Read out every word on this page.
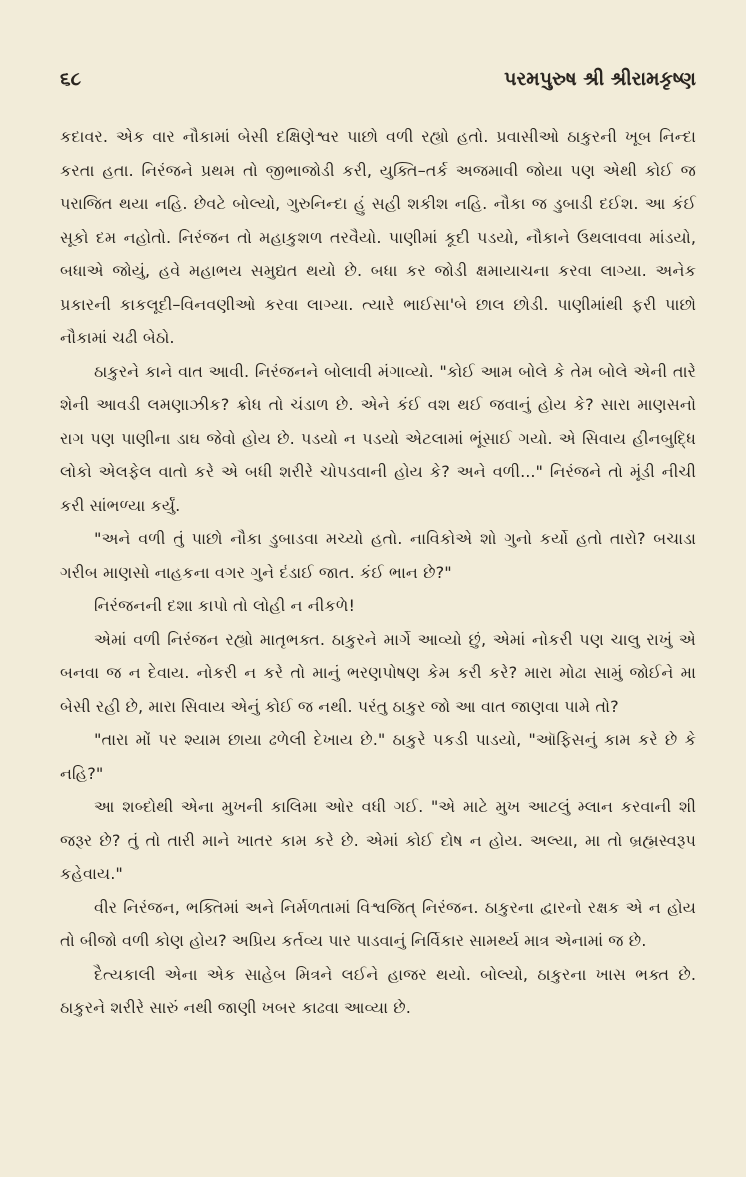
૬૮	પરમપુરુષ શ્રી શ્રીરામકૃષ્ણ

કદાવર. એક વાર નૌકામાં બેસી દક્ષિણેશ્વર પાછો વળી રહ્યો હતો. પ્રવાસીઓ ઠાકુરની ખૂબ નિન્દા કરતા હતા. નિરંજને પ્રથમ તો જીભાજોડી કરી, યુક્તિ–તર્ક અજમાવી જોયા પણ એથી કોઈ જ પરાજિત થયા નહિ. છેવટે બોલ્યો, ગુરુનિન્દા હું સહી શકીશ નહિ. નૌકા જ ડુબાડી દઈશ. આ કંઈ સૂકો દમ નહોતો. નિરંજન તો મહાકુશળ તરવૈયો. પાણીમાં કૂદી પડયો, નૌકાને ઉથલાવવા માંડયો, બધાએ જોયું, હવે મહાભય સમુદ્યત થયો છે. બધા કર જોડી ક્ષમાયાચના કરવા લાગ્યા. અનેક પ્રકારની કાકલૂદી–વિનવણીઓ કરવા લાગ્યા. ત્યારે ભાઈસા'બે છાલ છોડી. પાણીમાંથી ફરી પાછો નૌકામાં ચઢી બેઠો.

ઠાકુરને કાને વાત આવી. નિરંજનને બોલાવી મંગાવ્યો. "કોઈ આમ બોલે કે તેમ બોલે એની તારે શેની આવડી લમણાઝીક? ક્રોધ તો ચંડાળ છે. એને કંઈ વશ થઈ જવાનું હોય કે? સારા માણસનો રાગ પણ પાણીના ડાઘ જેવો હોય છે. પડયો ન પડયો એટલામાં ભૂંસાઈ ગયો. એ સિવાય હીનબુદ્ધિ લોકો એલફેલ વાતો કરે એ બધી શરીરે ચોપડવાની હોય કે? અને વળી..." નિરંજને તો મૂંડી નીચી કરી સાંભળ્યા કર્યું.

"અને વળી તું પાછો નૌકા ડુબાડવા મચ્યો હતો. નાવિકોએ શો ગુનો કર્યો હતો તારો? બચાડા ગરીબ માણસો નાહકના વગર ગુને દંડાઈ જાત. કંઈ ભાન છે?"

નિરંજનની દશા કાપો તો લોહી ન નીકળે!

એમાં વળી નિરંજન રહ્યો માતૃભક્ત. ઠાકુરને માર્ગે આવ્યો છું, એમાં નોકરી પણ ચાલુ રાખું એ બનવા જ ન દેવાય. નોકરી ન કરે તો માનું ભરણપોષણ કેમ કરી કરે? મારા મોઢા સામું જોઈને મા બેસી રહી છે, મારા સિવાય એનું કોઈ જ નથી. પરંતુ ઠાકુર જો આ વાત જાણવા પામે તો?

"તારા મોં પર શ્યામ છાયા ઢળેલી દેખાય છે." ઠાકુરે પકડી પાડયો, "ઑફિસનું કામ કરે છે કે નહિ?"

આ શબ્દોથી એના મુખની કાલિમા ઓર વધી ગઈ. "એ માટે મુખ આટલું મ્લાન કરવાની શી જરૂર છે? તું તો તારી માને ખાતર કામ કરે છે. એમાં કોઈ દોષ ન હોય. અલ્યા, મા તો બ્રહ્મસ્વરૂપ કહેવાય."

વીર નિરંજન, ભક્તિમાં અને નિર્મળતામાં વિશ્વજિત્ નિરંજન. ઠાકુરના દ્વારનો રક્ષક એ ન હોય તો બીજો વળી કોણ હોય? અપ્રિય કર્તવ્ય પાર પાડવાનું નિર્વિકાર સામર્થ્ય માત્ર એનામાં જ છે.

દૈત્યકાલી એના એક સાહેબ મિત્રને લઈને હાજર થયો. બોલ્યો, ઠાકુરના ખાસ ભક્ત છે. ઠાકુરને શરીરે સારું નથી જાણી ખબર કાઢવા આવ્યા છે.
